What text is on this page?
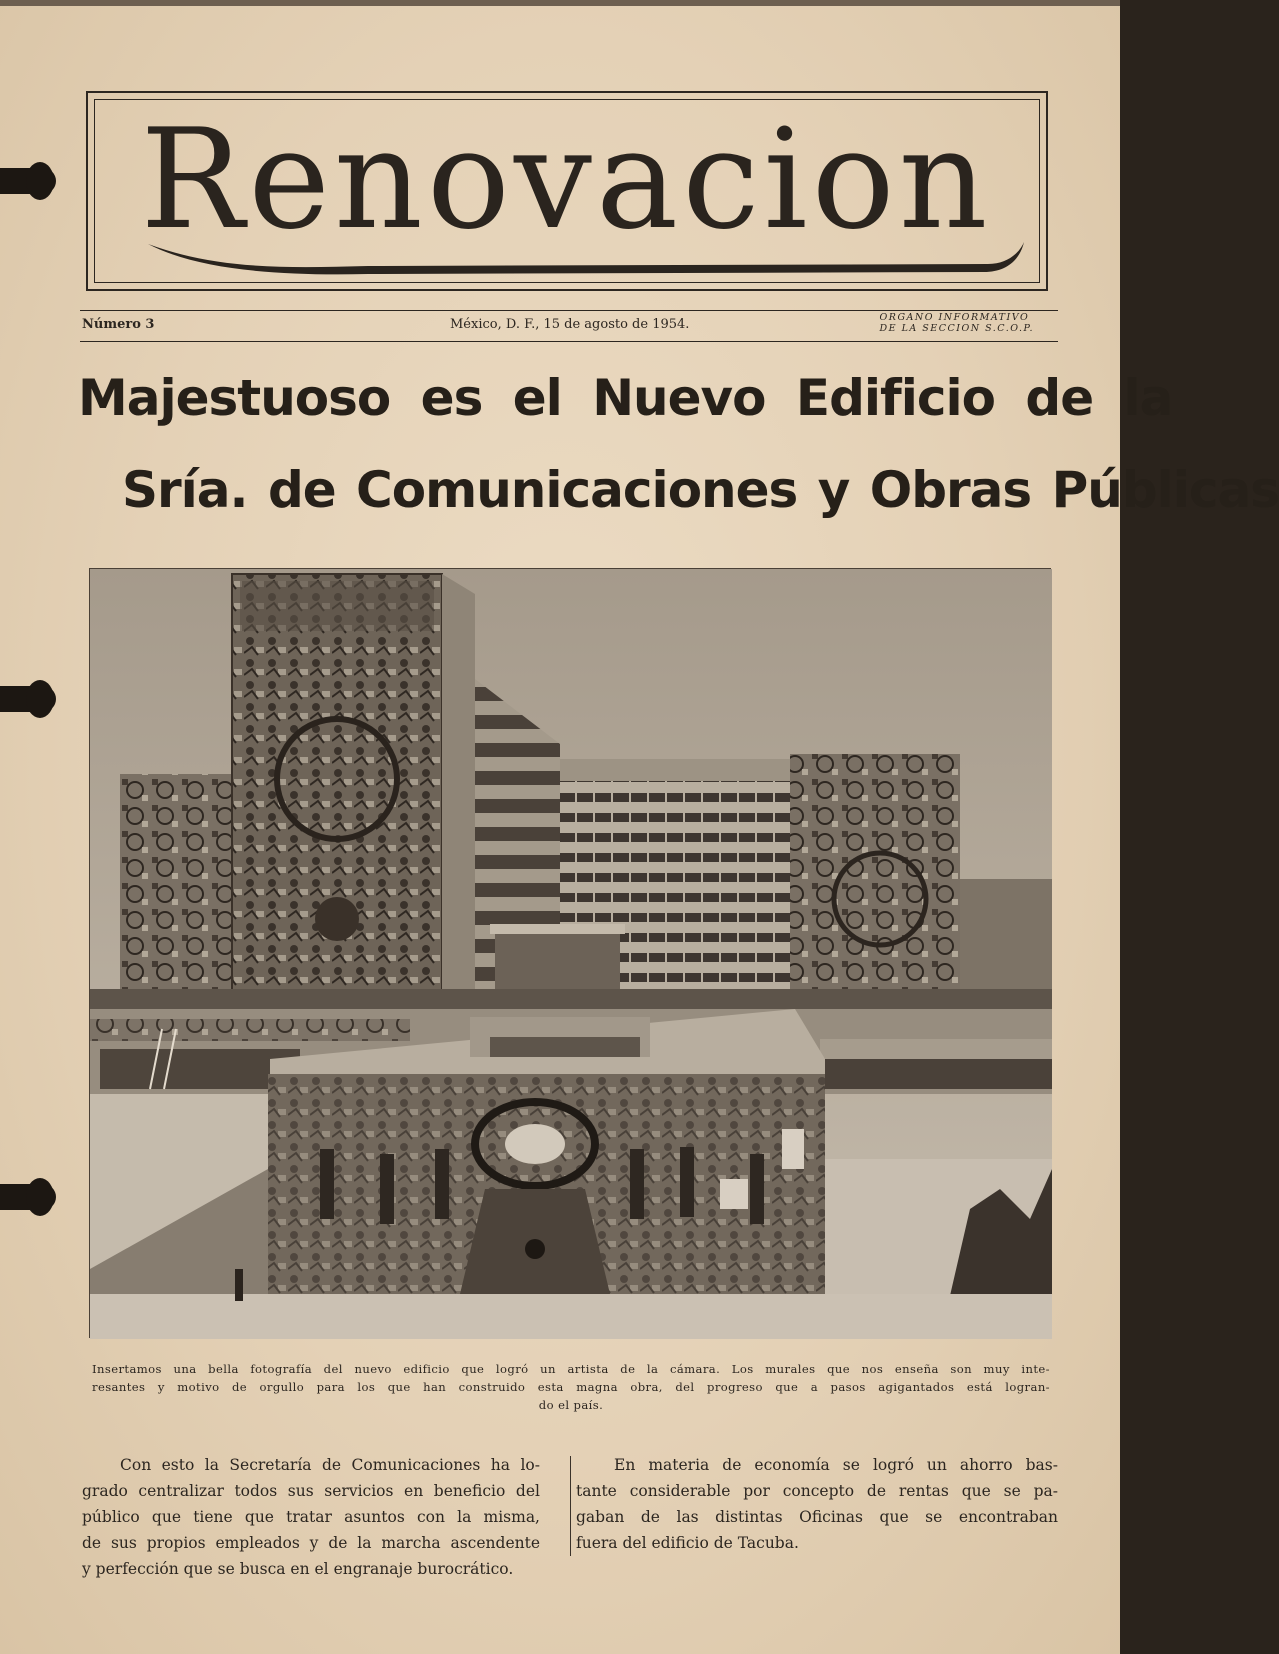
Renovacion
Número 3	México, D. F., 15 de agosto de 1954.	ORGANO INFORMATIVO
DE LA SECCION S.C.O.P.
Majestuoso es el Nuevo Edificio de la
Sría. de Comunicaciones y Obras Públicas
Insertamos una bella fotografía del nuevo edificio que logró un artista de la cámara. Los murales que nos enseña son muy inte-
resantes y motivo de orgullo para los que han construido esta magna obra, del progreso que a pasos agigantados está logran-
do el país.
Con esto la Secretaría de Comunicaciones ha lo-
grado centralizar todos sus servicios en beneficio del
público que tiene que tratar asuntos con la misma,
de sus propios empleados y de la marcha ascendente
y perfección que se busca en el engranaje burocrático.
En materia de economía se logró un ahorro bas-
tante considerable por concepto de rentas que se pa-
gaban de las distintas Oficinas que se encontraban
fuera del edificio de Tacuba.
